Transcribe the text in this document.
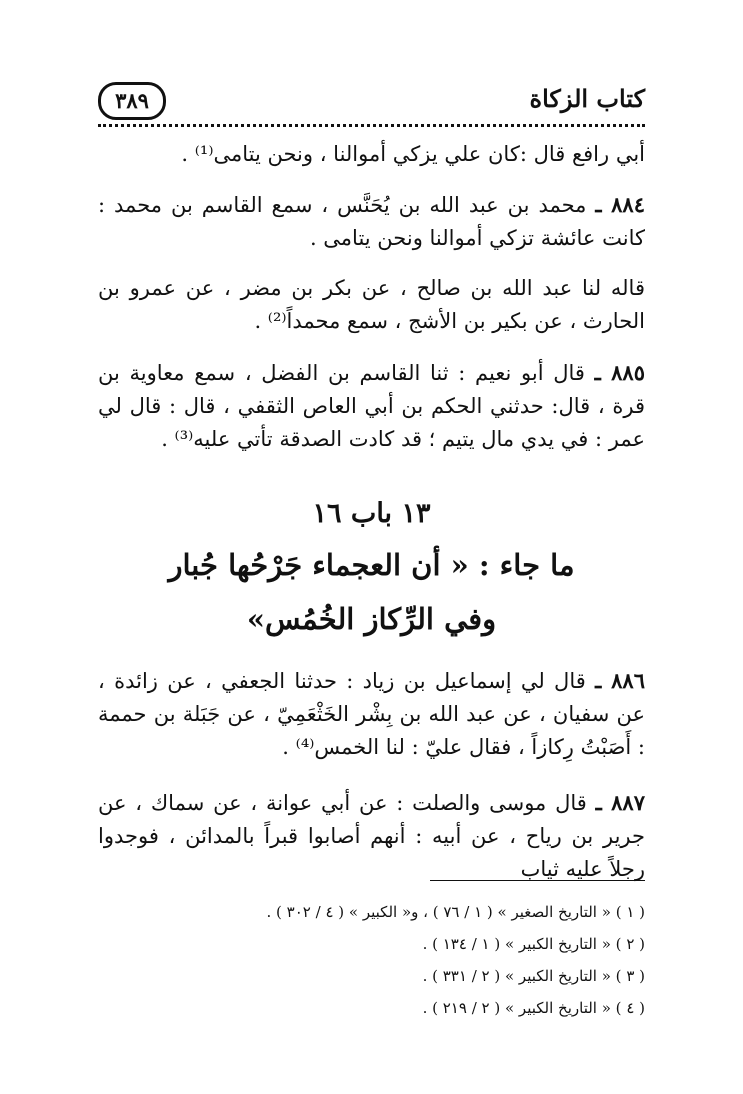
كتاب الزكاة
٣٨٩
أبي رافع قال :كان علي يزكي أموالنا ، ونحن يتامى⁽¹⁾ .
٨٨٤ ـ محمد بن عبد الله بن يُحَنَّس ، سمع القاسم بن محمد : كانت عائشة تزكي أموالنا ونحن يتامى .
قاله لنا عبد الله بن صالح ، عن بكر بن مضر ، عن عمرو بن الحارث ، عن بكير بن الأشج ، سمع محمداً⁽²⁾ .
٨٨٥ ـ قال أبو نعيم : ثنا القاسم بن الفضل ، سمع معاوية بن قرة ، قال: حدثني الحكم بن أبي العاص الثقفي ، قال : قال لي عمر : في يدي مال يتيم ؛ قد كادت الصدقة تأتي عليه⁽³⁾ .
١٣ باب ١٦
ما جاء : « أن العجماء جَرْحُها جُبار
وفي الرِّكاز الخُمُس»
٨٨٦ ـ قال لي إسماعيل بن زياد : حدثنا الجعفي ، عن زائدة ، عن سفيان ، عن عبد الله بن بِشْر الخَثْعَمِيّ ، عن جَبَلة بن حممة : أَصَبْتُ رِكازاً ، فقال عليّ : لنا الخمس⁽⁴⁾ .
٨٨٧ ـ قال موسى والصلت : عن أبي عوانة ، عن سماك ، عن جرير بن رياح ، عن أبيه : أنهم أصابوا قبراً بالمدائن ، فوجدوا رجلاً عليه ثياب
( ١ ) « التاريخ الصغير » ( ١ / ٧٦ ) ، و« الكبير » ( ٤ / ٣٠٢ ) .
( ٢ ) « التاريخ الكبير » ( ١ / ١٣٤ ) .
( ٣ ) « التاريخ الكبير » ( ٢ / ٣٣١ ) .
( ٤ ) « التاريخ الكبير » ( ٢ / ٢١٩ ) .
